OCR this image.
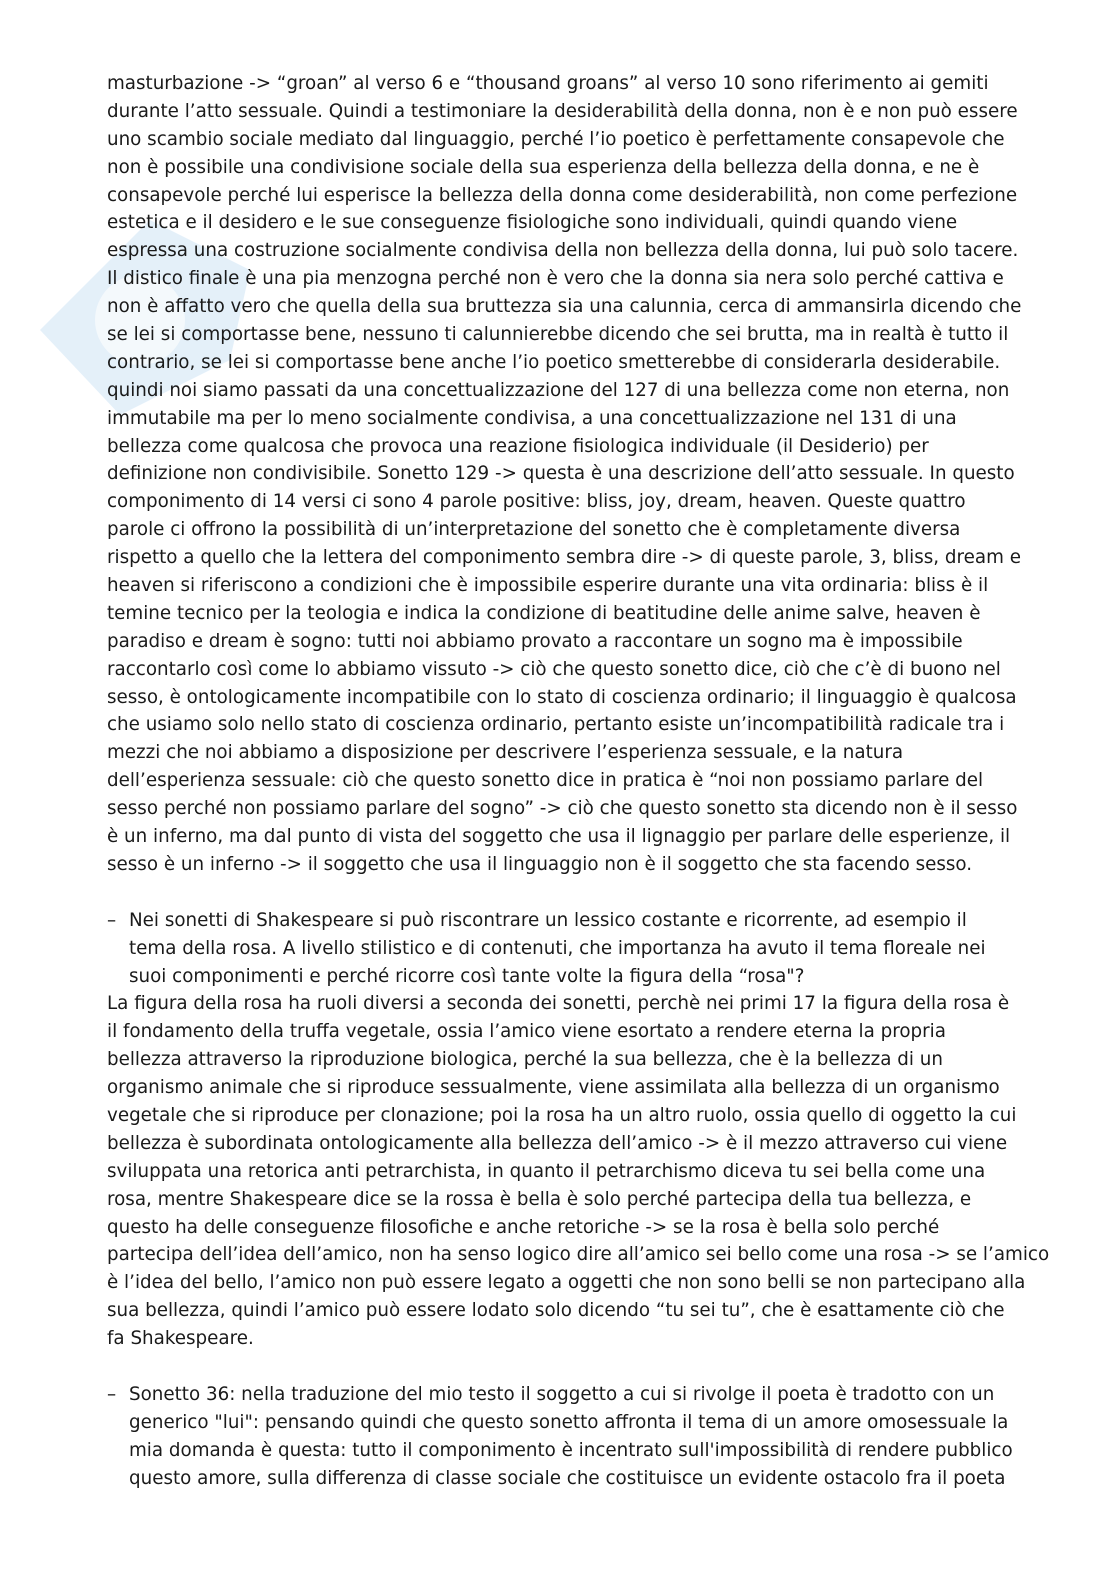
masturbazione -> “groan” al verso 6 e “thousand groans” al verso 10 sono riferimento ai gemiti
durante l’atto sessuale. Quindi a testimoniare la desiderabilità della donna, non è e non può essere
uno scambio sociale mediato dal linguaggio, perché l’io poetico è perfettamente consapevole che
non è possibile una condivisione sociale della sua esperienza della bellezza della donna, e ne è
consapevole perché lui esperisce la bellezza della donna come desiderabilità, non come perfezione
estetica e il desidero e le sue conseguenze fisiologiche sono individuali, quindi quando viene
espressa una costruzione socialmente condivisa della non bellezza della donna, lui può solo tacere.
Il distico finale è una pia menzogna perché non è vero che la donna sia nera solo perché cattiva e
non è affatto vero che quella della sua bruttezza sia una calunnia, cerca di ammansirla dicendo che
se lei si comportasse bene, nessuno ti calunnierebbe dicendo che sei brutta, ma in realtà è tutto il
contrario, se lei si comportasse bene anche l’io poetico smetterebbe di considerarla desiderabile.
quindi noi siamo passati da una concettualizzazione del 127 di una bellezza come non eterna, non
immutabile ma per lo meno socialmente condivisa, a una concettualizzazione nel 131 di una
bellezza come qualcosa che provoca una reazione fisiologica individuale (il Desiderio) per
definizione non condivisibile. Sonetto 129 -> questa è una descrizione dell’atto sessuale. In questo
componimento di 14 versi ci sono 4 parole positive: bliss, joy, dream, heaven. Queste quattro
parole ci offrono la possibilità di un’interpretazione del sonetto che è completamente diversa
rispetto a quello che la lettera del componimento sembra dire -> di queste parole, 3, bliss, dream e
heaven si riferiscono a condizioni che è impossibile esperire durante una vita ordinaria: bliss è il
temine tecnico per la teologia e indica la condizione di beatitudine delle anime salve, heaven è
paradiso e dream è sogno: tutti noi abbiamo provato a raccontare un sogno ma è impossibile
raccontarlo così come lo abbiamo vissuto -> ciò che questo sonetto dice, ciò che c’è di buono nel
sesso, è ontologicamente incompatibile con lo stato di coscienza ordinario; il linguaggio è qualcosa
che usiamo solo nello stato di coscienza ordinario, pertanto esiste un’incompatibilità radicale tra i
mezzi che noi abbiamo a disposizione per descrivere l’esperienza sessuale, e la natura
dell’esperienza sessuale: ciò che questo sonetto dice in pratica è “noi non possiamo parlare del
sesso perché non possiamo parlare del sogno” -> ciò che questo sonetto sta dicendo non è il sesso
è un inferno, ma dal punto di vista del soggetto che usa il lignaggio per parlare delle esperienze, il
sesso è un inferno -> il soggetto che usa il linguaggio non è il soggetto che sta facendo sesso.
– Nei sonetti di Shakespeare si può riscontrare un lessico costante e ricorrente, ad esempio il
tema della rosa. A livello stilistico e di contenuti, che importanza ha avuto il tema floreale nei
suoi componimenti e perché ricorre così tante volte la figura della “rosa"?
La figura della rosa ha ruoli diversi a seconda dei sonetti, perchè nei primi 17 la figura della rosa è
il fondamento della truffa vegetale, ossia l’amico viene esortato a rendere eterna la propria
bellezza attraverso la riproduzione biologica, perché la sua bellezza, che è la bellezza di un
organismo animale che si riproduce sessualmente, viene assimilata alla bellezza di un organismo
vegetale che si riproduce per clonazione; poi la rosa ha un altro ruolo, ossia quello di oggetto la cui
bellezza è subordinata ontologicamente alla bellezza dell’amico -> è il mezzo attraverso cui viene
sviluppata una retorica anti petrarchista, in quanto il petrarchismo diceva tu sei bella come una
rosa, mentre Shakespeare dice se la rossa è bella è solo perché partecipa della tua bellezza, e
questo ha delle conseguenze filosofiche e anche retoriche -> se la rosa è bella solo perché
partecipa dell’idea dell’amico, non ha senso logico dire all’amico sei bello come una rosa -> se l’amico
è l’idea del bello, l’amico non può essere legato a oggetti che non sono belli se non partecipano alla
sua bellezza, quindi l’amico può essere lodato solo dicendo “tu sei tu”, che è esattamente ciò che
fa Shakespeare.
– Sonetto 36: nella traduzione del mio testo il soggetto a cui si rivolge il poeta è tradotto con un
generico "lui": pensando quindi che questo sonetto affronta il tema di un amore omosessuale la
mia domanda è questa: tutto il componimento è incentrato sull'impossibilità di rendere pubblico
questo amore, sulla differenza di classe sociale che costituisce un evidente ostacolo fra il poeta
